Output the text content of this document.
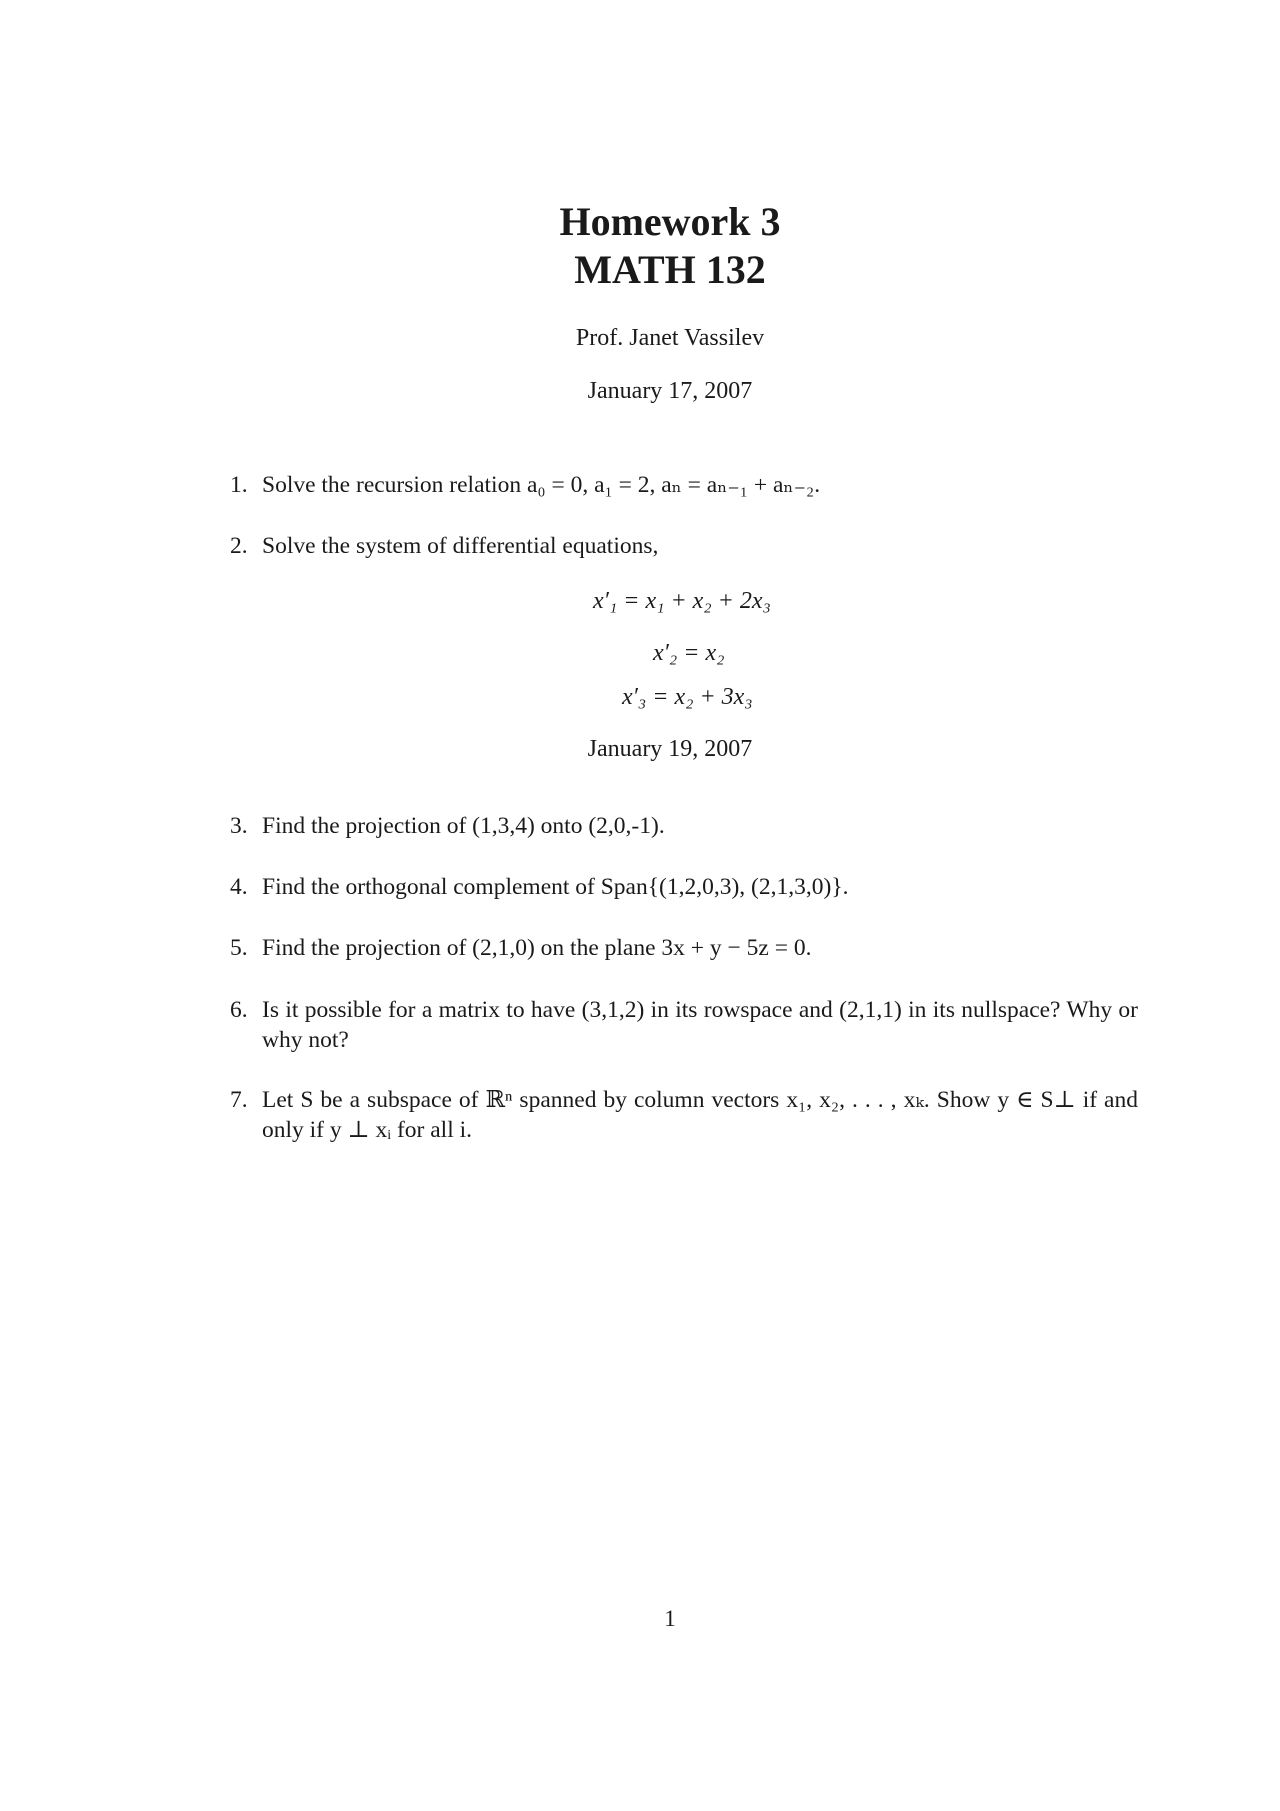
Homework 3
MATH 132
Prof. Janet Vassilev
January 17, 2007
1. Solve the recursion relation a₀ = 0, a₁ = 2, aₙ = aₙ₋₁ + aₙ₋₂.
2. Solve the system of differential equations,
x′₁ = x₁ + x₂ + 2x₃
x′₂ = x₂
x′₃ = x₂ + 3x₃
January 19, 2007
3. Find the projection of (1,3,4) onto (2,0,-1).
4. Find the orthogonal complement of Span{(1,2,0,3), (2,1,3,0)}.
5. Find the projection of (2,1,0) on the plane 3x + y − 5z = 0.
6. Is it possible for a matrix to have (3,1,2) in its rowspace and (2,1,1) in its nullspace? Why or why not?
7. Let S be a subspace of ℝⁿ spanned by column vectors x₁, x₂, . . . , xₖ. Show y ∈ S⊥ if and only if y ⊥ xᵢ for all i.
1
